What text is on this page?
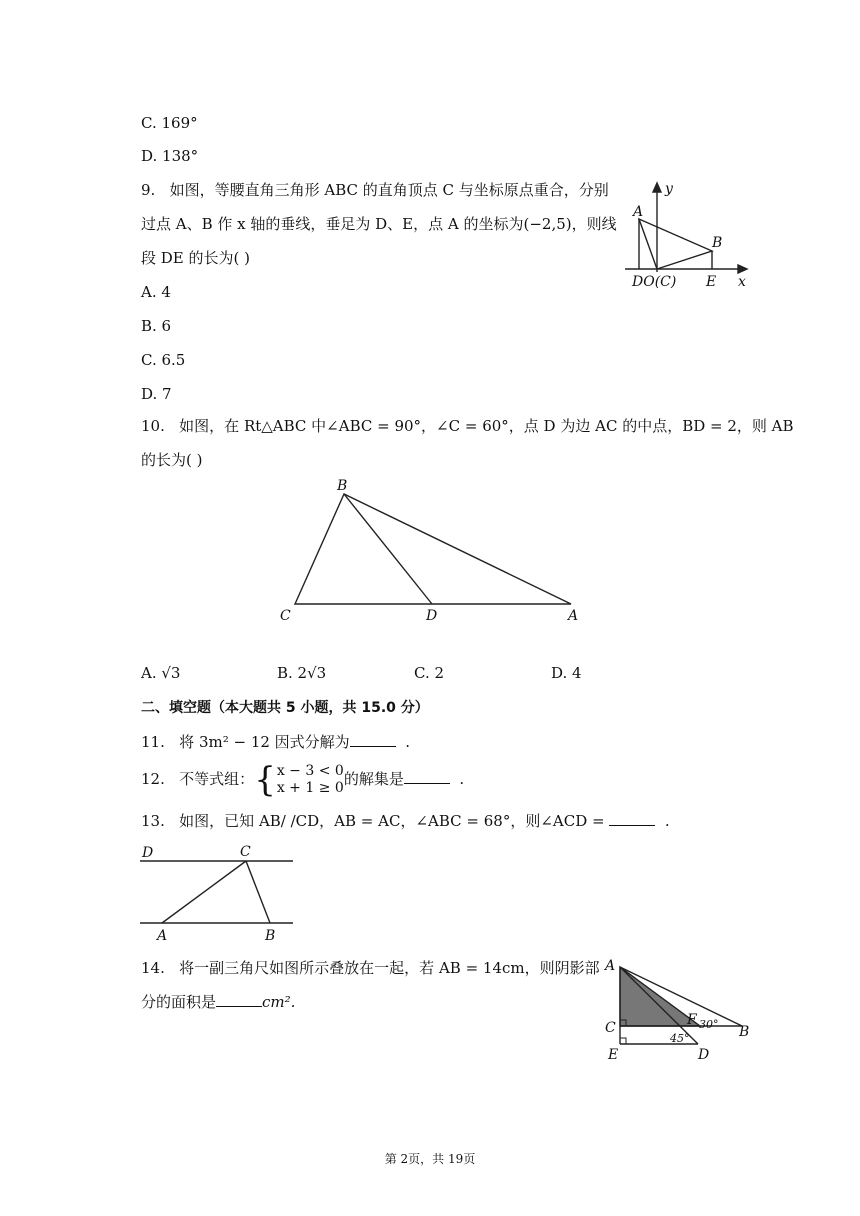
C. 169°
D. 138°
9. 如图，等腰直角三角形 ABC 的直角顶点 C 与坐标原点重合，分别
过点 A、B 作 x 轴的垂线，垂足为 D、E，点 A 的坐标为(−2,5)，则线
段 DE 的长为( )
A. 4
B. 6
C. 6.5
D. 7
y
A
B
DO(C) E x
10. 如图，在 Rt△ABC 中∠ABC = 90°，∠C = 60°，点 D 为边 AC 的中点，BD = 2，则 AB
的长为( )
B
C	D	A
A. √3	B. 2√3	C. 2	D. 4
二、填空题（本大题共 5 小题，共 15.0 分）
11. 将 3m² − 12 因式分解为	.
12. 不等式组：{x − 3 < 0
x + 1 ≥ 0的解集是	.
13. 如图，已知 AB/ /CD，AB = AC，∠ABC = 68°，则∠ACD =	.
D	C
A	B
14. 将一副三角尺如图所示叠放在一起，若 AB = 14cm，则阴影部
分的面积是	cm².
A
C
E
F 30°
45°	B
D
第 2页，共 19页
